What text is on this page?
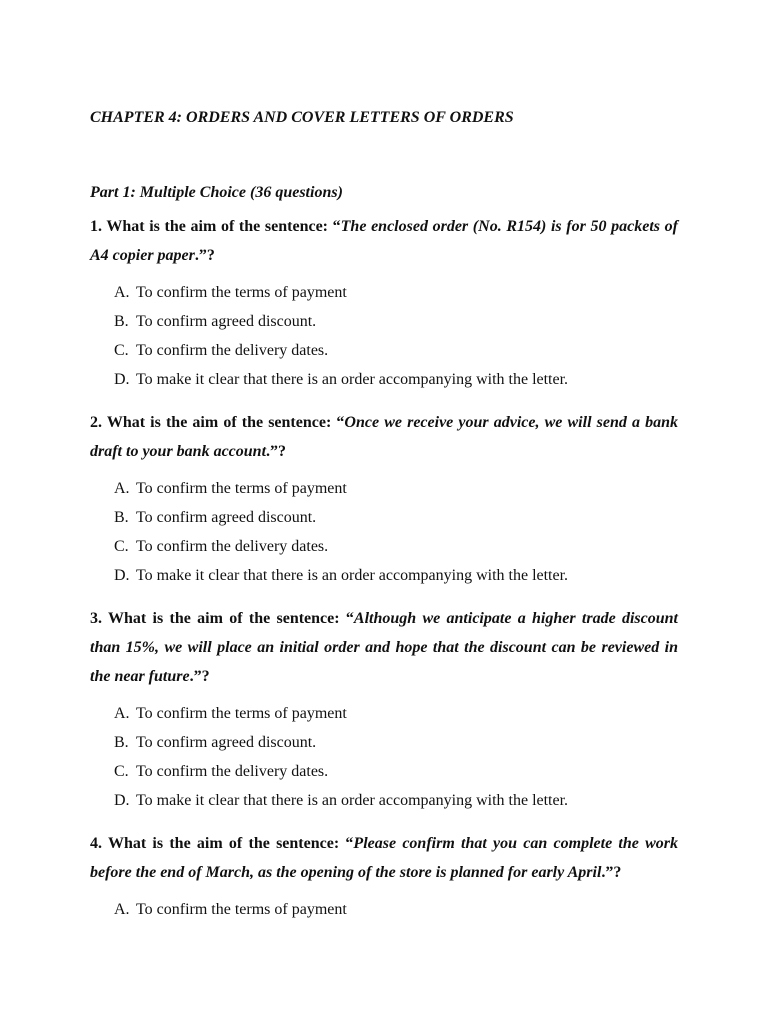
CHAPTER 4: ORDERS AND COVER LETTERS OF ORDERS
Part 1: Multiple Choice (36 questions)
1. What is the aim of the sentence: “The enclosed order (No. R154) is for 50 packets of A4 copier paper.”?
A. To confirm the terms of payment
B. To confirm agreed discount.
C. To confirm the delivery dates.
D. To make it clear that there is an order accompanying with the letter.
2. What is the aim of the sentence: “Once we receive your advice, we will send a bank draft to your bank account.”?
A. To confirm the terms of payment
B. To confirm agreed discount.
C. To confirm the delivery dates.
D. To make it clear that there is an order accompanying with the letter.
3. What is the aim of the sentence: “Although we anticipate a higher trade discount than 15%, we will place an initial order and hope that the discount can be reviewed in the near future.”?
A. To confirm the terms of payment
B. To confirm agreed discount.
C. To confirm the delivery dates.
D. To make it clear that there is an order accompanying with the letter.
4. What is the aim of the sentence: “Please confirm that you can complete the work before the end of March, as the opening of the store is planned for early April.”?
A. To confirm the terms of payment
